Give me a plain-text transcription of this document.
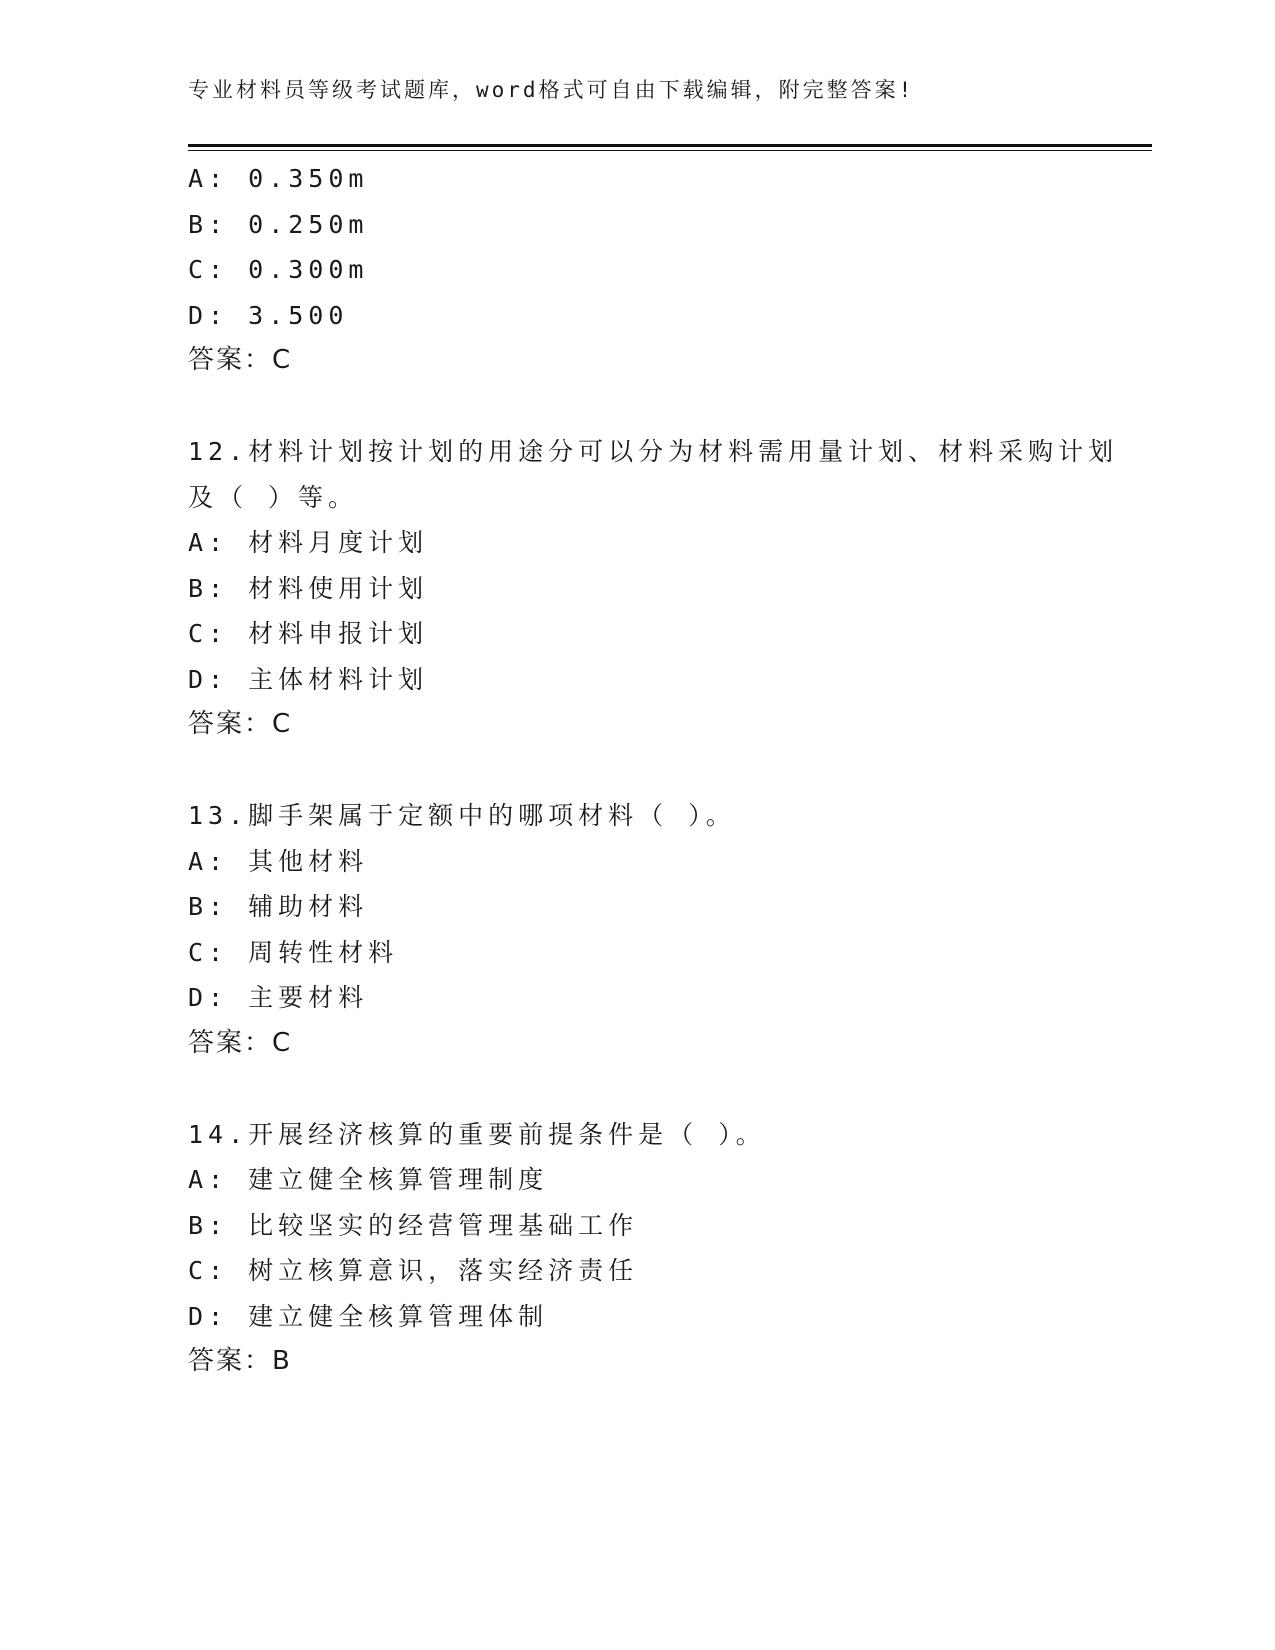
专业材料员等级考试题库，word格式可自由下载编辑，附完整答案!
A: 0.350m
B: 0.250m
C: 0.300m
D: 3.500
答案：C
12.材料计划按计划的用途分可以分为材料需用量计划、材料采购计划
及（ ）等。
A: 材料月度计划
B: 材料使用计划
C: 材料申报计划
D: 主体材料计划
答案：C
13.脚手架属于定额中的哪项材料（ ）。
A: 其他材料
B: 辅助材料
C: 周转性材料
D: 主要材料
答案：C
14.开展经济核算的重要前提条件是（ ）。
A: 建立健全核算管理制度
B: 比较坚实的经营管理基础工作
C: 树立核算意识，落实经济责任
D: 建立健全核算管理体制
答案：B
